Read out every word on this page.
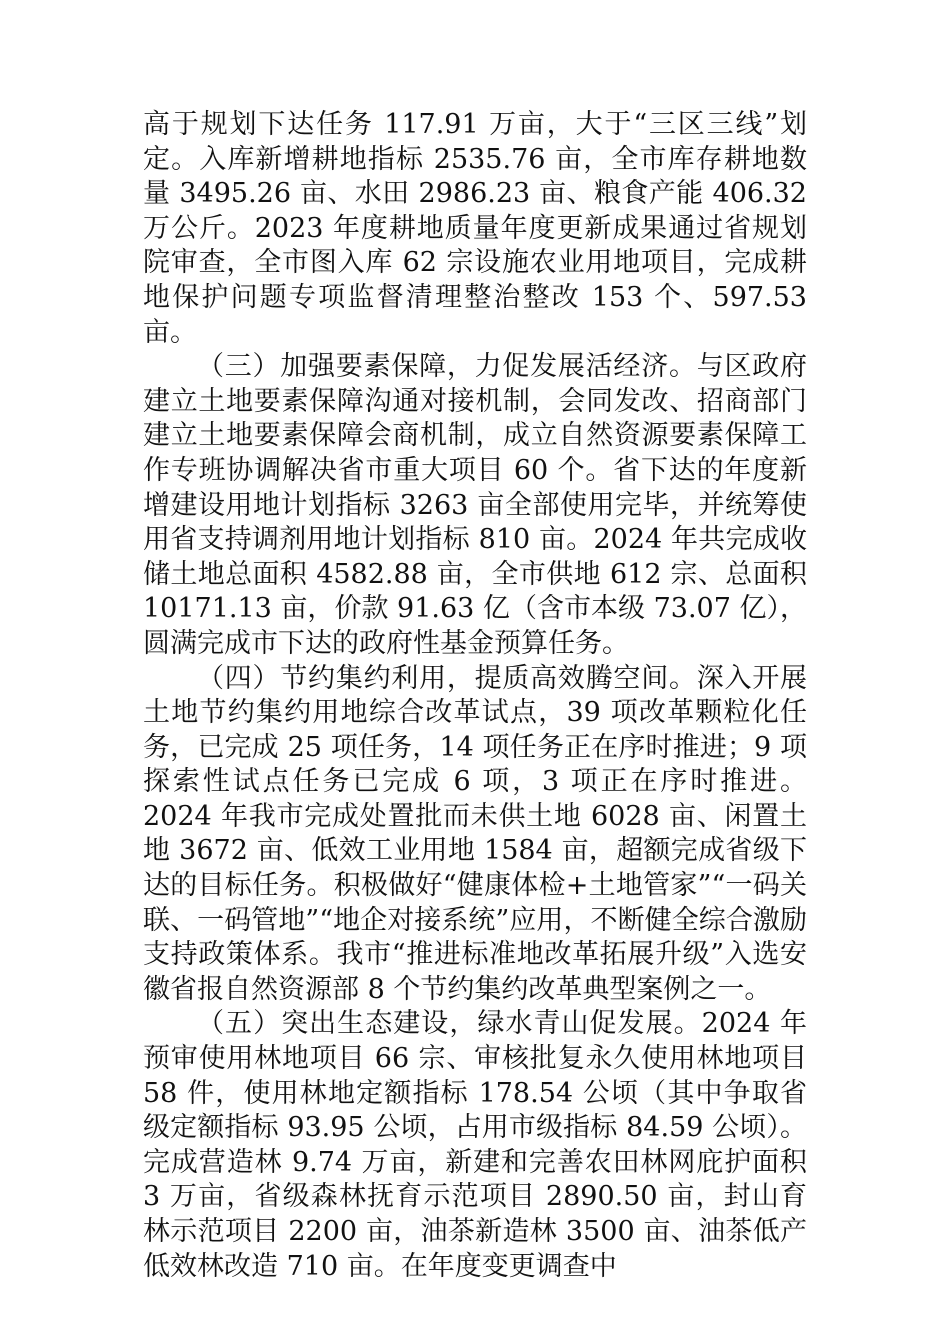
高于规划下达任务 117.91 万亩，大于“三区三线”划定。入库新增耕地指标 2535.76 亩，全市库存耕地数量 3495.26 亩、水田 2986.23 亩、粮食产能 406.32 万公斤。2023 年度耕地质量年度更新成果通过省规划院审查，全市图入库 62 宗设施农业用地项目，完成耕地保护问题专项监督清理整治整改 153 个、597.53 亩。

（三）加强要素保障，力促发展活经济。与区政府建立土地要素保障沟通对接机制，会同发改、招商部门建立土地要素保障会商机制，成立自然资源要素保障工作专班协调解决省市重大项目 60 个。省下达的年度新增建设用地计划指标 3263 亩全部使用完毕，并统筹使用省支持调剂用地计划指标 810 亩。2024 年共完成收储土地总面积 4582.88 亩，全市供地 612 宗、总面积 10171.13 亩，价款 91.63 亿（含市本级 73.07 亿），圆满完成市下达的政府性基金预算任务。

（四）节约集约利用，提质高效腾空间。深入开展土地节约集约用地综合改革试点，39 项改革颗粒化任务，已完成 25 项任务，14 项任务正在序时推进；9 项探索性试点任务已完成 6 项，3 项正在序时推进。2024 年我市完成处置批而未供土地 6028 亩、闲置土地 3672 亩、低效工业用地 1584 亩，超额完成省级下达的目标任务。积极做好“健康体检+土地管家”“一码关联、一码管地”“地企对接系统”应用，不断健全综合激励支持政策体系。我市“推进标准地改革拓展升级”入选安徽省报自然资源部 8 个节约集约改革典型案例之一。

（五）突出生态建设，绿水青山促发展。2024 年预审使用林地项目 66 宗、审核批复永久使用林地项目 58 件，使用林地定额指标 178.54 公顷（其中争取省级定额指标 93.95 公顷，占用市级指标 84.59 公顷）。完成营造林 9.74 万亩，新建和完善农田林网庇护面积 3 万亩，省级森林抚育示范项目 2890.50 亩，封山育林示范项目 2200 亩，油茶新造林 3500 亩、油茶低产低效林改造 710 亩。在年度变更调查中
